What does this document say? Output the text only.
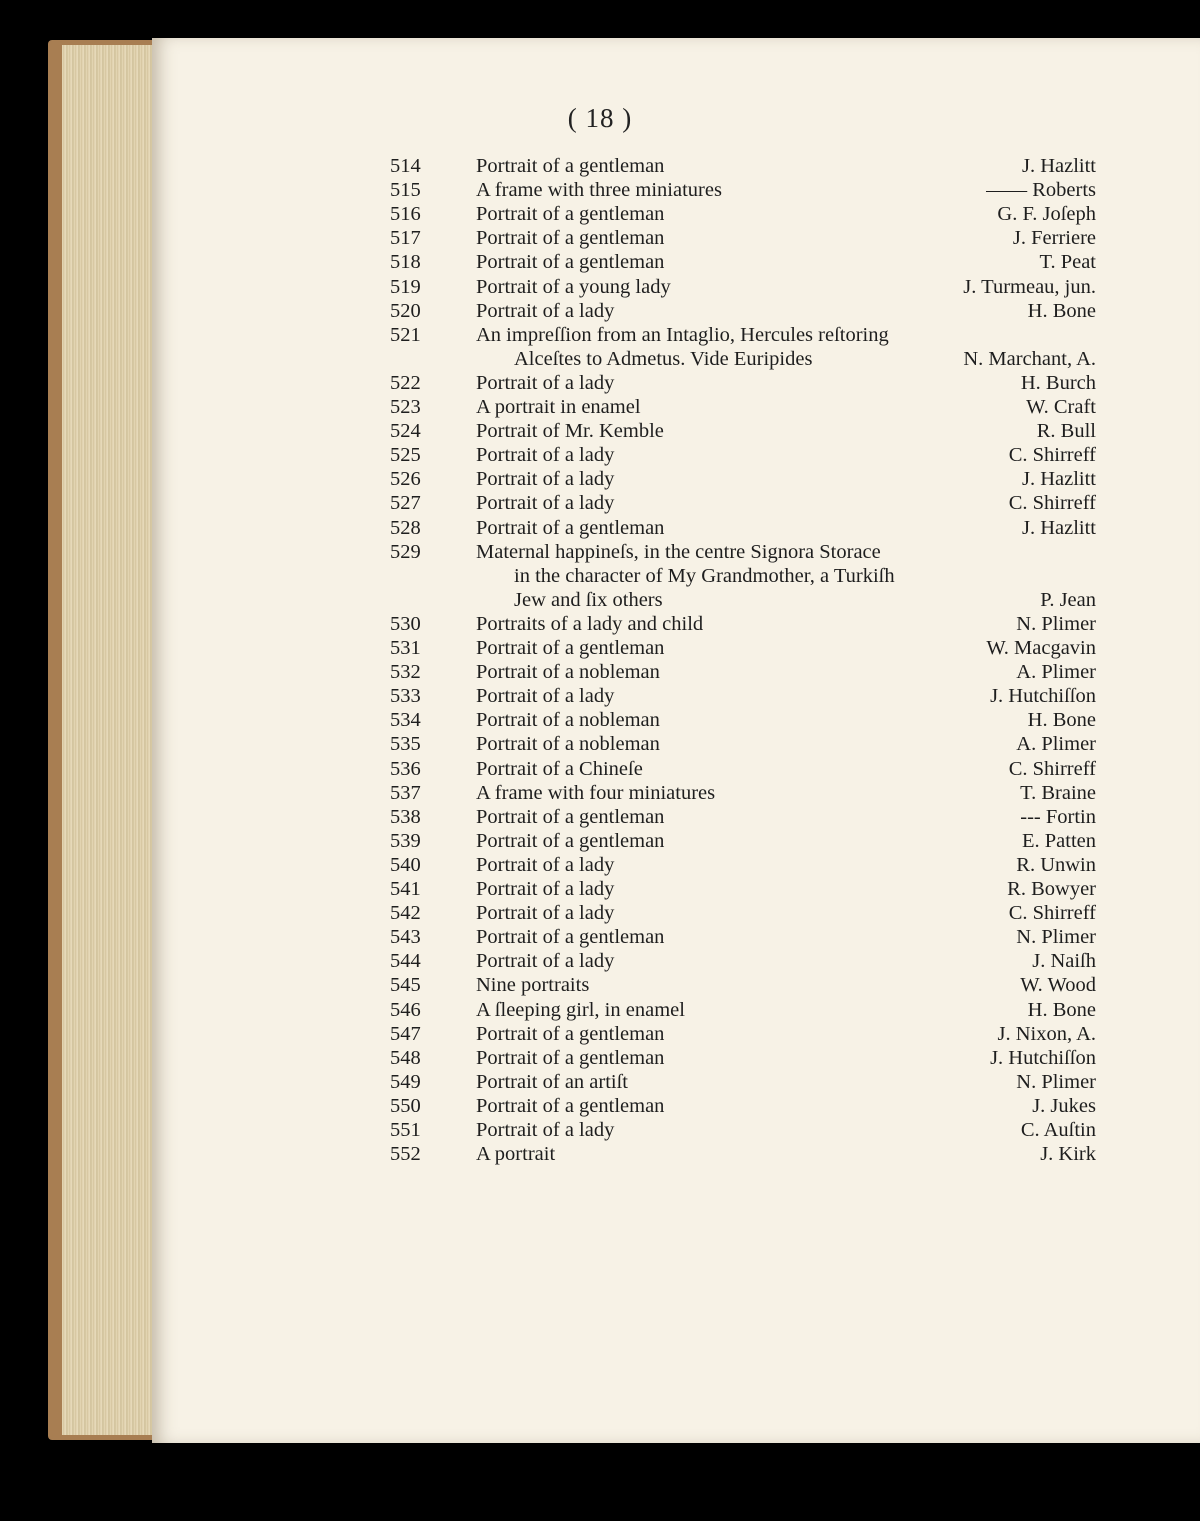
( 18 )
514	Portrait of a gentleman	J. Hazlitt
515	A frame with three miniatures	—— Roberts
516	Portrait of a gentleman	G. F. Joſeph
517	Portrait of a gentleman	J. Ferriere
518	Portrait of a gentleman	T. Peat
519	Portrait of a young lady	J. Turmeau, jun.
520	Portrait of a lady	H. Bone
521	An impreſſion from an Intaglio, Hercules reſtoring
Alceſtes to Admetus. Vide Euripides	N. Marchant, A.
522	Portrait of a lady	H. Burch
523	A portrait in enamel	W. Craft
524	Portrait of Mr. Kemble	R. Bull
525	Portrait of a lady	C. Shirreff
526	Portrait of a lady	J. Hazlitt
527	Portrait of a lady	C. Shirreff
528	Portrait of a gentleman	J. Hazlitt
529	Maternal happineſs, in the centre Signora Storace
in the character of My Grandmother, a Turkiſh
Jew and ſix others	P. Jean
530	Portraits of a lady and child	N. Plimer
531	Portrait of a gentleman	W. Macgavin
532	Portrait of a nobleman	A. Plimer
533	Portrait of a lady	J. Hutchiſſon
534	Portrait of a nobleman	H. Bone
535	Portrait of a nobleman	A. Plimer
536	Portrait of a Chineſe	C. Shirreff
537	A frame with four miniatures	T. Braine
538	Portrait of a gentleman	--- Fortin
539	Portrait of a gentleman	E. Patten
540	Portrait of a lady	R. Unwin
541	Portrait of a lady	R. Bowyer
542	Portrait of a lady	C. Shirreff
543	Portrait of a gentleman	N. Plimer
544	Portrait of a lady	J. Naiſh
545	Nine portraits	W. Wood
546	A ſleeping girl, in enamel	H. Bone
547	Portrait of a gentleman	J. Nixon, A.
548	Portrait of a gentleman	J. Hutchiſſon
549	Portrait of an artiſt	N. Plimer
550	Portrait of a gentleman	J. Jukes
551	Portrait of a lady	C. Auſtin
552	A portrait	J. Kirk
